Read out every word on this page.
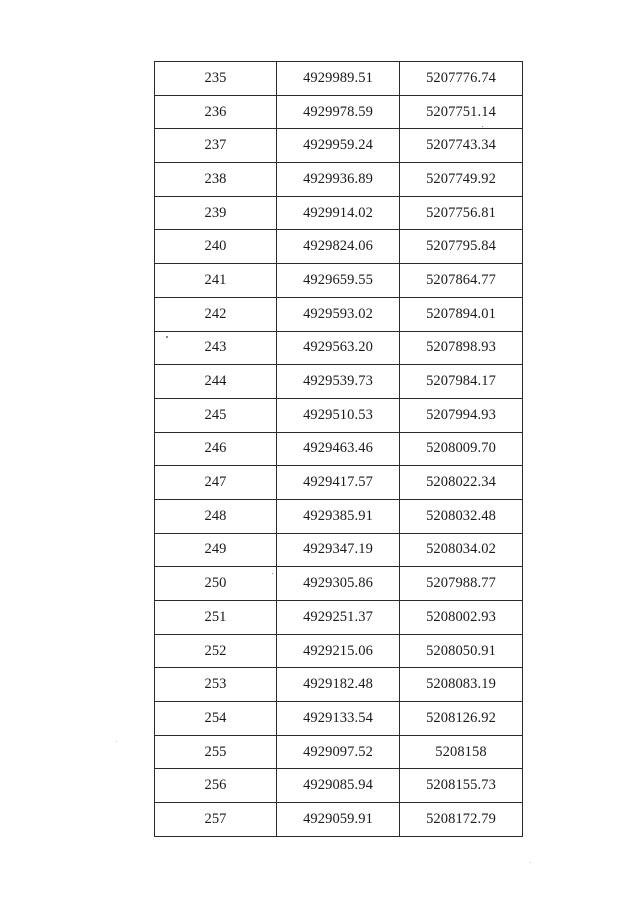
235	4929989.51	5207776.74
236	4929978.59	5207751.14
237	4929959.24	5207743.34
238	4929936.89	5207749.92
239	4929914.02	5207756.81
240	4929824.06	5207795.84
241	4929659.55	5207864.77
242	4929593.02	5207894.01
243	4929563.20	5207898.93
244	4929539.73	5207984.17
245	4929510.53	5207994.93
246	4929463.46	5208009.70
247	4929417.57	5208022.34
248	4929385.91	5208032.48
249	4929347.19	5208034.02
250	4929305.86	5207988.77
251	4929251.37	5208002.93
252	4929215.06	5208050.91
253	4929182.48	5208083.19
254	4929133.54	5208126.92
255	4929097.52	5208158
256	4929085.94	5208155.73
257	4929059.91	5208172.79
